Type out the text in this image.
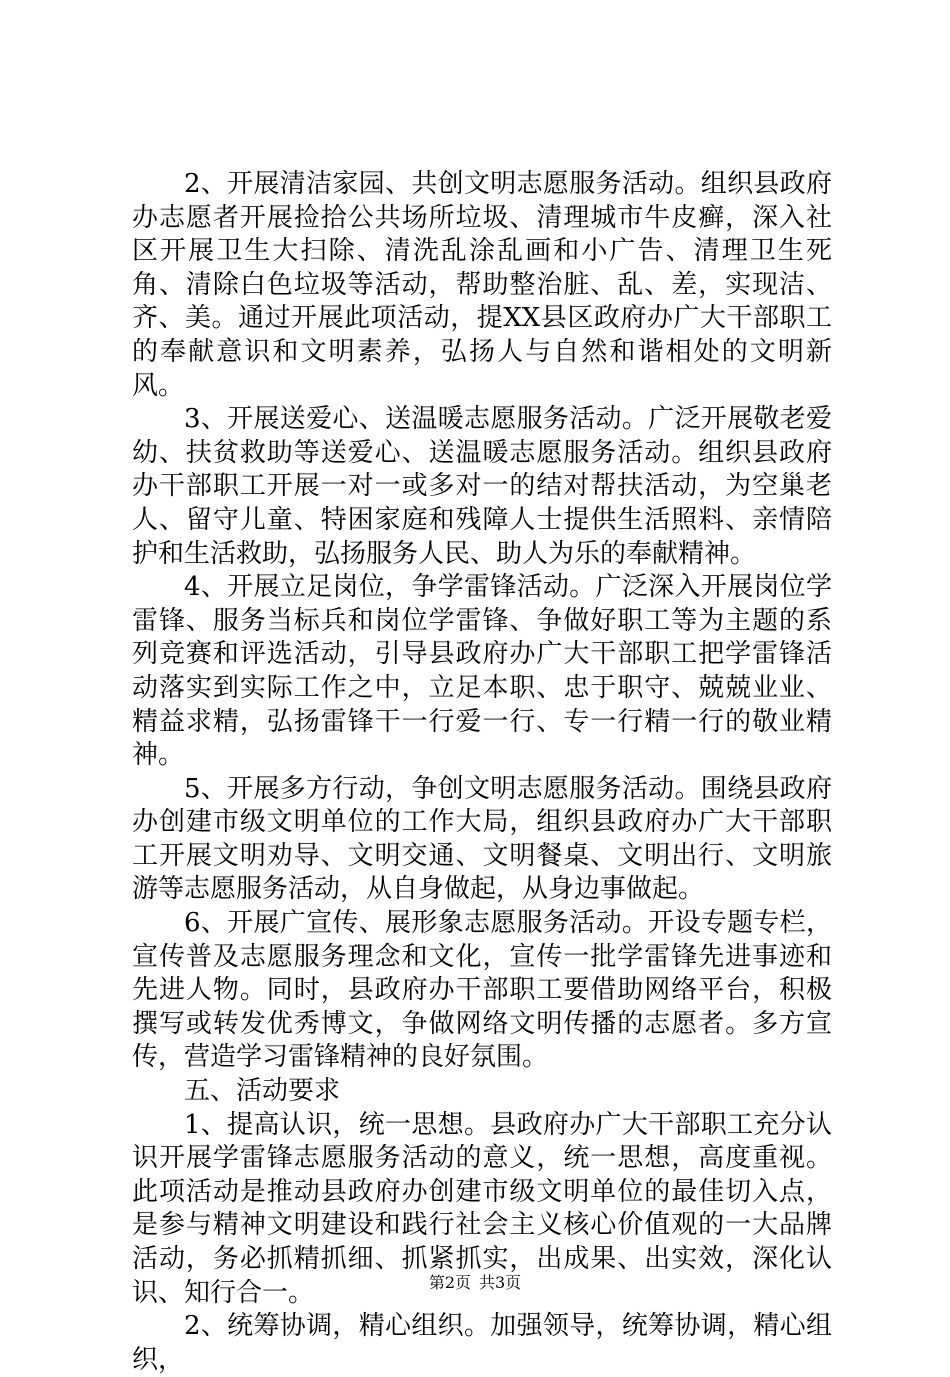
2、开展清洁家园、共创文明志愿服务活动。组织县政府办志愿者开展捡拾公共场所垃圾、清理城市牛皮癣，深入社区开展卫生大扫除、清洗乱涂乱画和小广告、清理卫生死角、清除白色垃圾等活动，帮助整治脏、乱、差，实现洁、齐、美。通过开展此项活动，提XX县区政府办广大干部职工的奉献意识和文明素养，弘扬人与自然和谐相处的文明新风。

3、开展送爱心、送温暖志愿服务活动。广泛开展敬老爱幼、扶贫救助等送爱心、送温暖志愿服务活动。组织县政府办干部职工开展一对一或多对一的结对帮扶活动，为空巢老人、留守儿童、特困家庭和残障人士提供生活照料、亲情陪护和生活救助，弘扬服务人民、助人为乐的奉献精神。

4、开展立足岗位，争学雷锋活动。广泛深入开展岗位学雷锋、服务当标兵和岗位学雷锋、争做好职工等为主题的系列竞赛和评选活动，引导县政府办广大干部职工把学雷锋活动落实到实际工作之中，立足本职、忠于职守、兢兢业业、精益求精，弘扬雷锋干一行爱一行、专一行精一行的敬业精神。

5、开展多方行动，争创文明志愿服务活动。围绕县政府办创建市级文明单位的工作大局，组织县政府办广大干部职工开展文明劝导、文明交通、文明餐桌、文明出行、文明旅游等志愿服务活动，从自身做起，从身边事做起。

6、开展广宣传、展形象志愿服务活动。开设专题专栏，宣传普及志愿服务理念和文化，宣传一批学雷锋先进事迹和先进人物。同时，县政府办干部职工要借助网络平台，积极撰写或转发优秀博文，争做网络文明传播的志愿者。多方宣传，营造学习雷锋精神的良好氛围。

五、活动要求

1、提高认识，统一思想。县政府办广大干部职工充分认识开展学雷锋志愿服务活动的意义，统一思想，高度重视。此项活动是推动县政府办创建市级文明单位的最佳切入点，是参与精神文明建设和践行社会主义核心价值观的一大品牌活动，务必抓精抓细、抓紧抓实，出成果、出实效，深化认识、知行合一。

2、统筹协调，精心组织。加强领导，统筹协调，精心组织，

第2页 共3页
